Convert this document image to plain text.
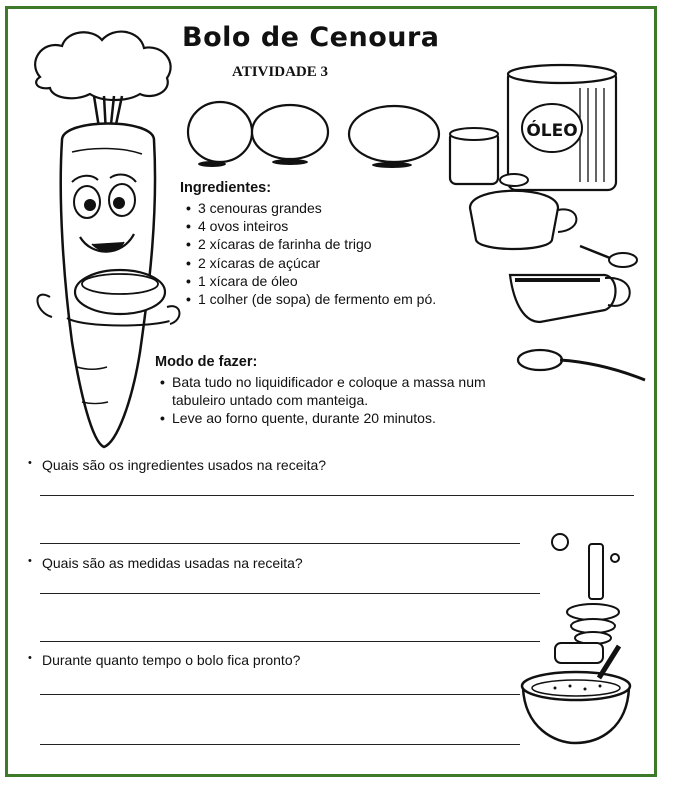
Bolo de Cenoura
ATIVIDADE 3
ÓLEO
Ingredientes:
• 3 cenouras grandes
• 4 ovos inteiros
• 2 xícaras de farinha de trigo
• 2 xícaras de açúcar
• 1 xícara de óleo
• 1 colher (de sopa) de fermento em pó.
Modo de fazer:
• Bata tudo no liquidificador e coloque a massa num tabuleiro untado com manteiga.
• Leve ao forno quente, durante 20 minutos.
• Quais são os ingredientes usados na receita?
• Quais são as medidas usadas na receita?
• Durante quanto tempo o bolo fica pronto?
